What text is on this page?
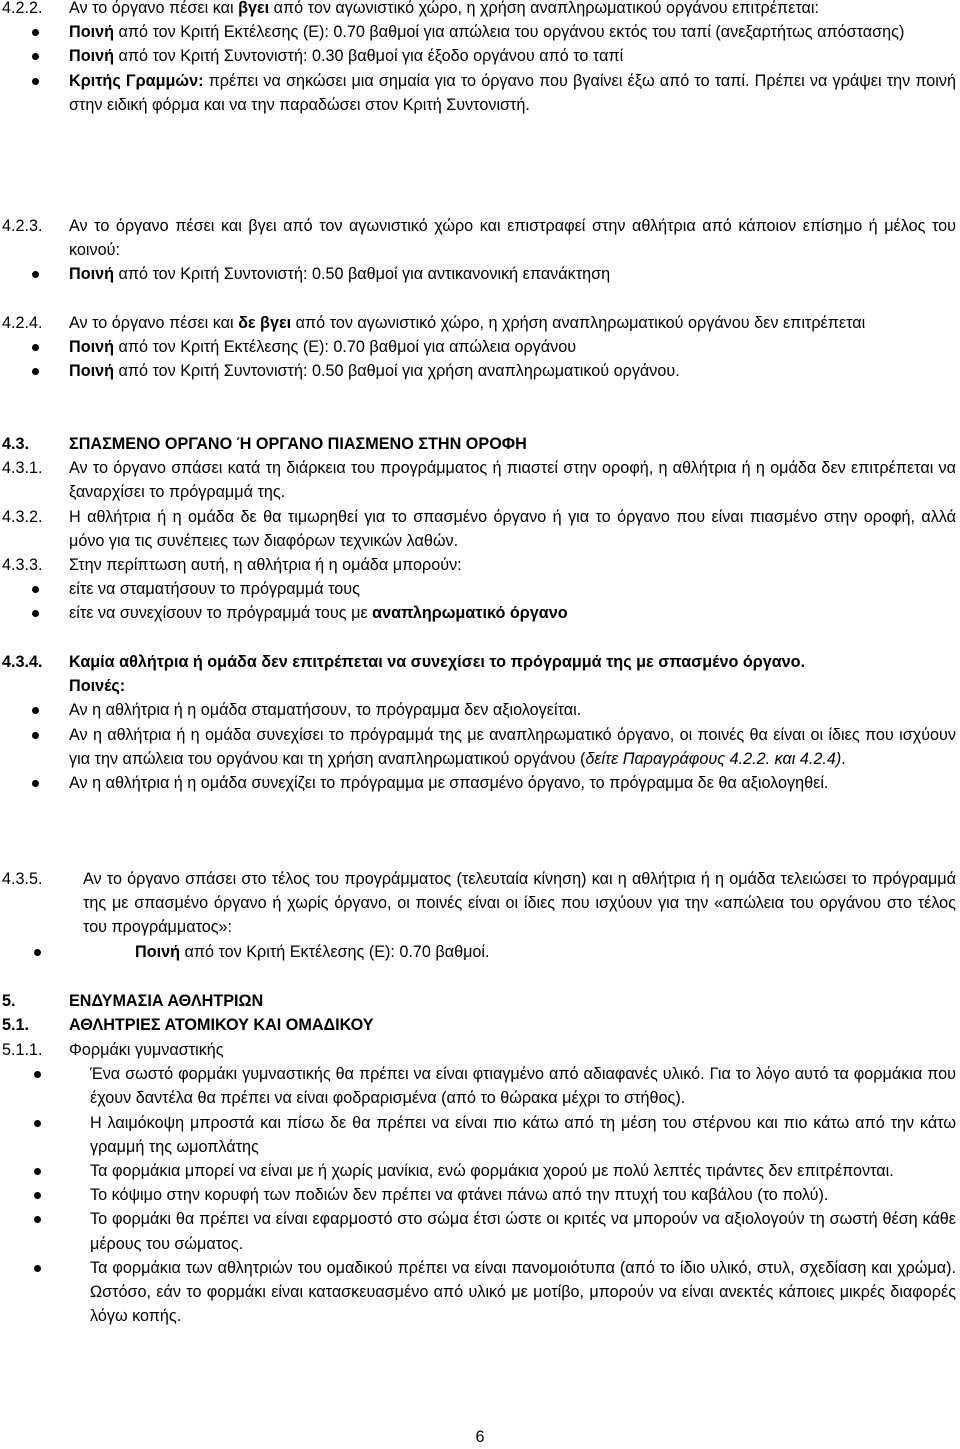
4.2.2.	Αν το όργανο πέσει και βγει από τον αγωνιστικό χώρο, η χρήση αναπληρωματικού οργάνου επιτρέπεται:
Ποινή από τον Κριτή Εκτέλεσης (Ε): 0.70 βαθμοί για απώλεια του οργάνου εκτός του ταπί (ανεξαρτήτως απόστασης)
Ποινή από τον Κριτή Συντονιστή: 0.30 βαθμοί για έξοδο οργάνου από το ταπί
Κριτής Γραμμών: πρέπει να σηκώσει μια σημαία για το όργανο που βγαίνει έξω από το ταπί. Πρέπει να γράψει την ποινή στην ειδική φόρμα και να την παραδώσει στον Κριτή Συντονιστή.
4.2.3.	Αν το όργανο πέσει και βγει από τον αγωνιστικό χώρο και επιστραφεί στην αθλήτρια από κάποιον επίσημο ή μέλος του κοινού:
Ποινή από τον Κριτή Συντονιστή: 0.50 βαθμοί για αντικανονική επανάκτηση
4.2.4.	Αν το όργανο πέσει και δε βγει από τον αγωνιστικό χώρο, η χρήση αναπληρωματικού οργάνου δεν επιτρέπεται
Ποινή από τον Κριτή Εκτέλεσης (Ε): 0.70 βαθμοί για απώλεια οργάνου
Ποινή από τον Κριτή Συντονιστή: 0.50 βαθμοί για χρήση αναπληρωματικού οργάνου.
4.3.	ΣΠΑΣΜΕΝΟ ΟΡΓΑΝΟ Ή ΟΡΓΑΝΟ ΠΙΑΣΜΕΝΟ ΣΤΗΝ ΟΡΟΦΗ
4.3.1.	Αν το όργανο σπάσει κατά τη διάρκεια του προγράμματος ή πιαστεί στην οροφή, η αθλήτρια ή η ομάδα δεν επιτρέπεται να ξαναρχίσει το πρόγραμμά της.
4.3.2.	Η αθλήτρια ή η ομάδα δε θα τιμωρηθεί για το σπασμένο όργανο ή για το όργανο που είναι πιασμένο στην οροφή, αλλά μόνο για τις συνέπειες των διαφόρων τεχνικών λαθών.
4.3.3.	Στην περίπτωση αυτή, η αθλήτρια ή η ομάδα μπορούν:
είτε να σταματήσουν το πρόγραμμά τους
είτε να συνεχίσουν το πρόγραμμά τους με αναπληρωματικό όργανο
4.3.4.	Καμία αθλήτρια ή ομάδα δεν επιτρέπεται να συνεχίσει το πρόγραμμά της με σπασμένο όργανο.
Ποινές:
Αν η αθλήτρια ή η ομάδα σταματήσουν, το πρόγραμμα δεν αξιολογείται.
Αν η αθλήτρια ή η ομάδα συνεχίσει το πρόγραμμά της με αναπληρωματικό όργανο, οι ποινές θα είναι οι ίδιες που ισχύουν για την απώλεια του οργάνου και τη χρήση αναπληρωματικού οργάνου (δείτε Παραγράφους 4.2.2. και 4.2.4).
Αν η αθλήτρια ή η ομάδα συνεχίζει το πρόγραμμα με σπασμένο όργανο, το πρόγραμμα δε θα αξιολογηθεί.
4.3.5.	Αν το όργανο σπάσει στο τέλος του προγράμματος (τελευταία κίνηση) και η αθλήτρια ή η ομάδα τελειώσει το πρόγραμμά της με σπασμένο όργανο ή χωρίς όργανο, οι ποινές είναι οι ίδιες που ισχύουν για την «απώλεια του οργάνου στο τέλος του προγράμματος»:
Ποινή από τον Κριτή Εκτέλεσης (Ε): 0.70 βαθμοί.
5.	ΕΝΔΥΜΑΣΙΑ ΑΘΛΗΤΡΙΩΝ
5.1.	ΑΘΛΗΤΡΙΕΣ ΑΤΟΜΙΚΟΥ ΚΑΙ ΟΜΑΔΙΚΟΥ
5.1.1.	Φορμάκι γυμναστικής
Ένα σωστό φορμάκι γυμναστικής θα πρέπει να είναι φτιαγμένο από αδιαφανές υλικό. Για το λόγο αυτό τα φορμάκια που έχουν δαντέλα θα πρέπει να είναι φοδραρισμένα (από το θώρακα μέχρι το στήθος).
Η λαιμόκοψη μπροστά και πίσω δε θα πρέπει να είναι πιο κάτω από τη μέση του στέρνου και πιο κάτω από την κάτω γραμμή της ωμοπλάτης
Τα φορμάκια μπορεί να είναι με ή χωρίς μανίκια, ενώ φορμάκια χορού με πολύ λεπτές τιράντες δεν επιτρέπονται.
Το κόψιμο στην κορυφή των ποδιών δεν πρέπει να φτάνει πάνω από την πτυχή του καβάλου (το πολύ).
Το φορμάκι θα πρέπει να είναι εφαρμοστό στο σώμα έτσι ώστε οι κριτές να μπορούν να αξιολογούν τη σωστή θέση κάθε μέρους του σώματος.
Τα φορμάκια των αθλητριών του ομαδικού πρέπει να είναι πανομοιότυπα (από το ίδιο υλικό, στυλ, σχεδίαση και χρώμα). Ωστόσο, εάν το φορμάκι είναι κατασκευασμένο από υλικό με μοτίβο, μπορούν να είναι ανεκτές κάποιες μικρές διαφορές λόγω κοπής.
6
